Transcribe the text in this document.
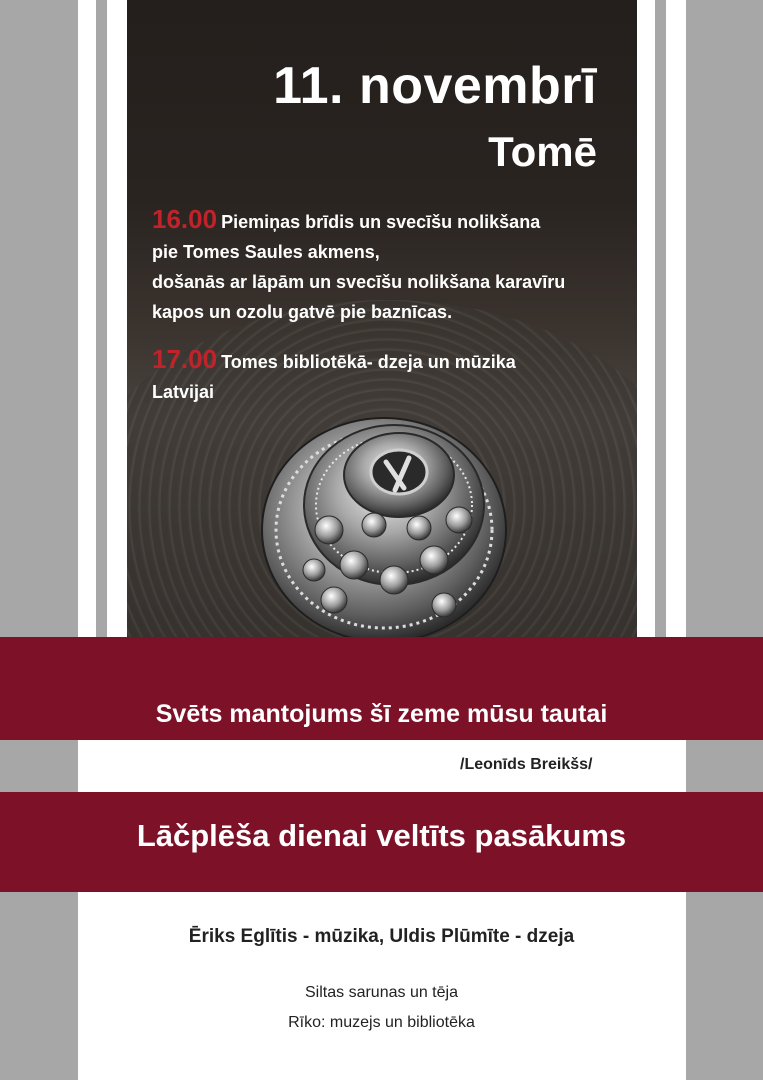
11. novembrī
Tomē
16.00 Piemiņas brīdis un svecīšu nolikšana
pie Tomes Saules akmens,
došanās ar lāpām un svecīšu nolikšana karavīru
kapos un ozolu gatvē pie baznīcas.
17.00 Tomes bibliotēkā- dzeja un mūzika
Latvijai
Svēts mantojums šī zeme mūsu tautai
/Leonīds Breikšs/
Lāčplēša dienai veltīts pasākums
Ēriks Eglītis - mūzika, Uldis Plūmīte - dzeja
Siltas sarunas un tēja
Rīko: muzejs un bibliotēka
